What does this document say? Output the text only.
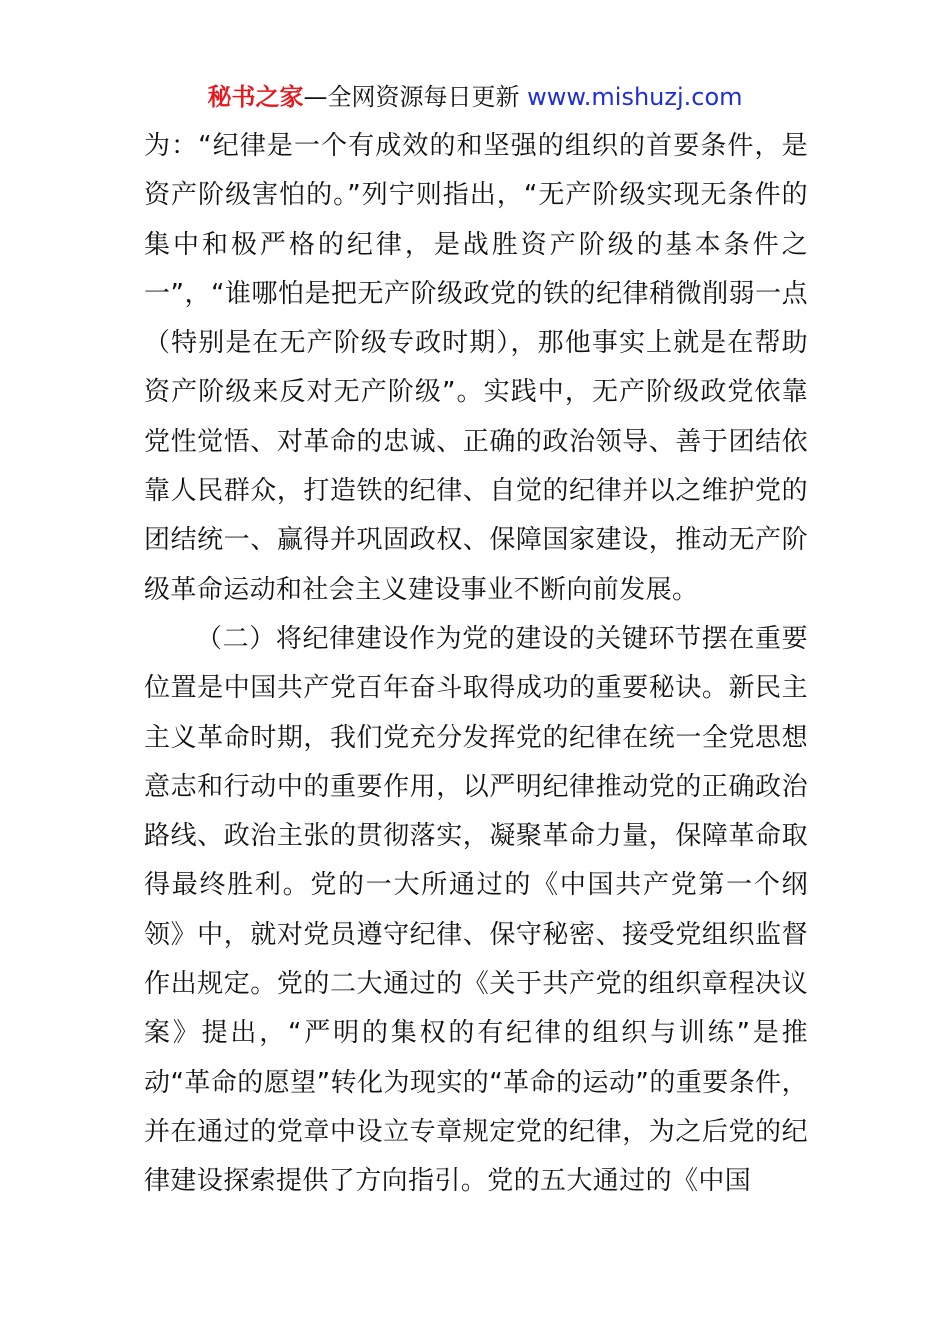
秘书之家—全网资源每日更新 www.mishuzj.com

为：“纪律是一个有成效的和坚强的组织的首要条件，是资产阶级害怕的。”列宁则指出，“无产阶级实现无条件的集中和极严格的纪律，是战胜资产阶级的基本条件之一”，“谁哪怕是把无产阶级政党的铁的纪律稍微削弱一点（特别是在无产阶级专政时期），那他事实上就是在帮助资产阶级来反对无产阶级”。实践中，无产阶级政党依靠党性觉悟、对革命的忠诚、正确的政治领导、善于团结依靠人民群众，打造铁的纪律、自觉的纪律并以之维护党的团结统一、赢得并巩固政权、保障国家建设，推动无产阶级革命运动和社会主义建设事业不断向前发展。

（二）将纪律建设作为党的建设的关键环节摆在重要位置是中国共产党百年奋斗取得成功的重要秘诀。新民主主义革命时期，我们党充分发挥党的纪律在统一全党思想意志和行动中的重要作用，以严明纪律推动党的正确政治路线、政治主张的贯彻落实，凝聚革命力量，保障革命取得最终胜利。党的一大所通过的《中国共产党第一个纲领》中，就对党员遵守纪律、保守秘密、接受党组织监督作出规定。党的二大通过的《关于共产党的组织章程决议案》提出，“严明的集权的有纪律的组织与训练”是推动“革命的愿望”转化为现实的“革命的运动”的重要条件，并在通过的党章中设立专章规定党的纪律，为之后党的纪律建设探索提供了方向指引。党的五大通过的《中国
